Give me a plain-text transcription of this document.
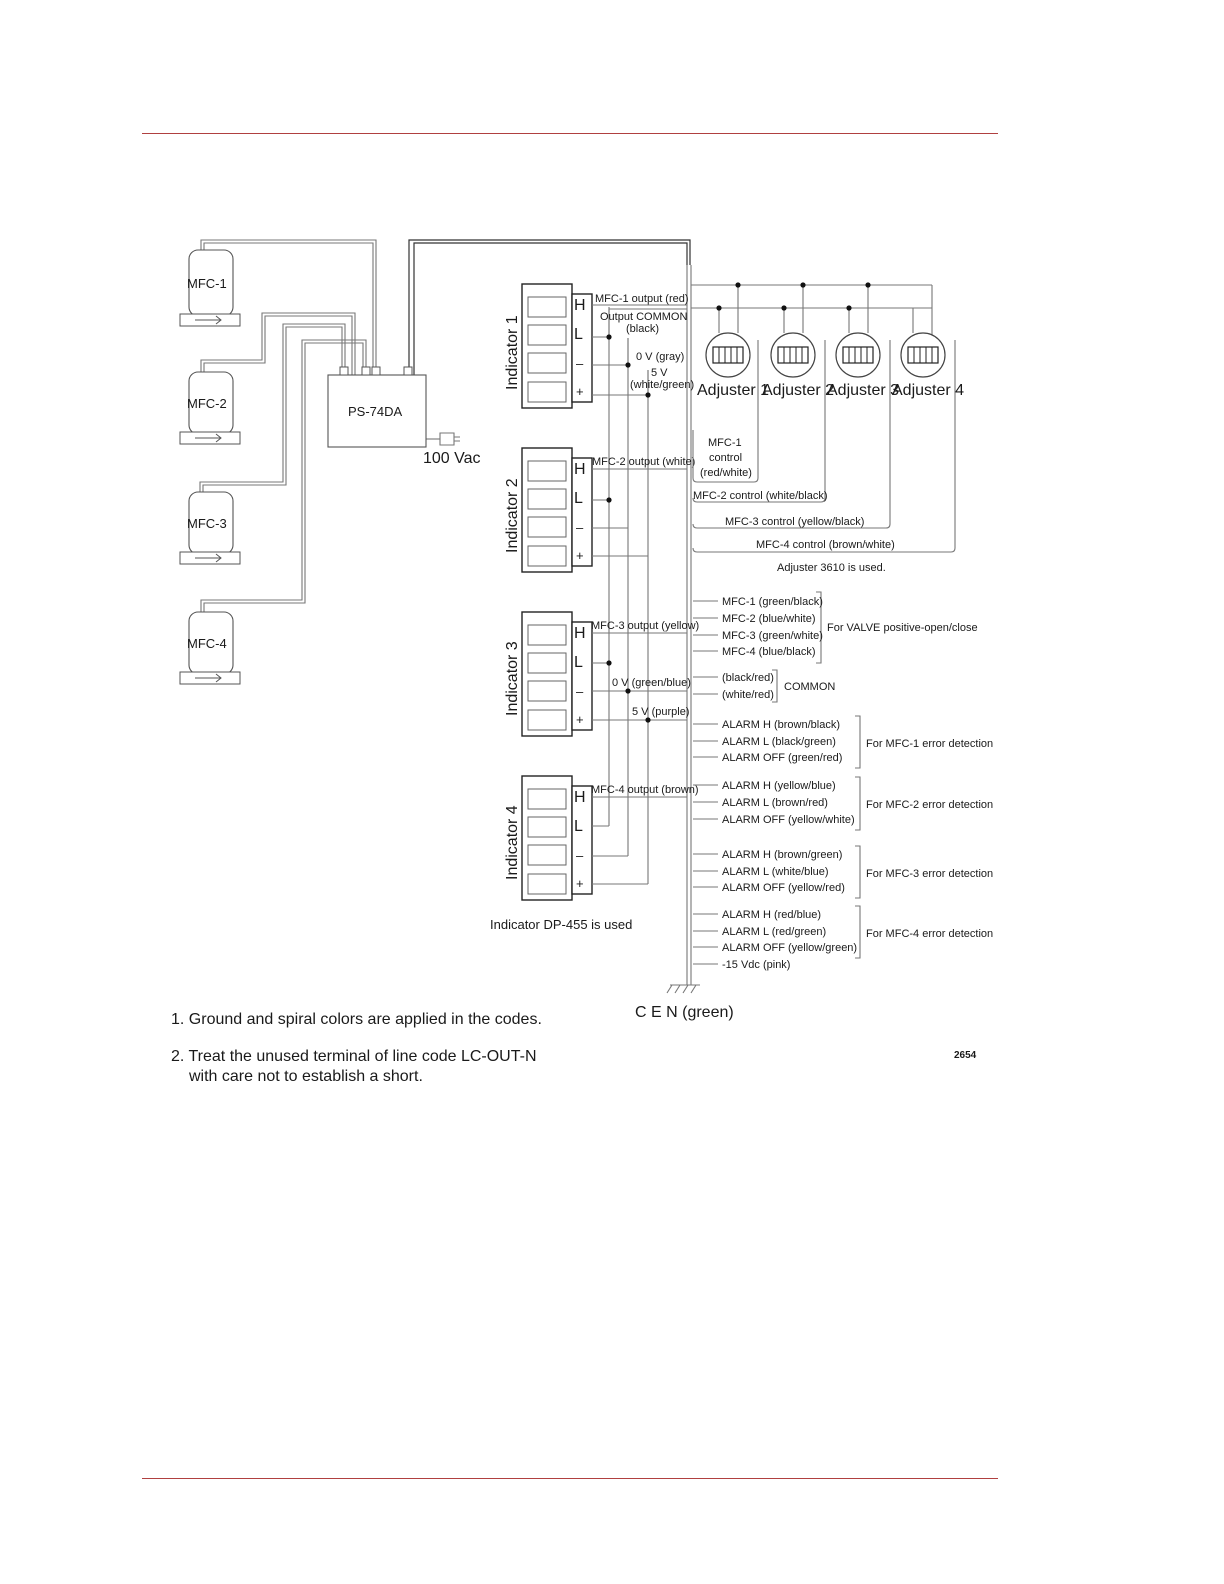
MFC-1
MFC-2
MFC-3
MFC-4
PS-74DA
100 Vac
H
L
–
+
Indicator 1
H
L
–
+
Indicator 2
H
L
–
+
Indicator 3
H
L
–
+
Indicator 4
Indicator DP-455 is used
MFC-1 output (red)
Output COMMON
(black)
0 V (gray)
5 V
(white/green)
MFC-2 output (white)
MFC-3 output (yellow)
0 V (green/blue)
5 V (purple)
MFC-4 output (brown)
Adjuster 1
Adjuster 2
Adjuster 3
Adjuster 4
MFC-1
control
(red/white)
MFC-2 control (white/black)
MFC-3 control (yellow/black)
MFC-4 control (brown/white)
Adjuster 3610 is used.
MFC-1 (green/black)
MFC-2 (blue/white)
MFC-3 (green/white)
MFC-4 (blue/black)
For VALVE positive-open/close
(black/red)
(white/red)
COMMON
ALARM H (brown/black)
ALARM L (black/green)
ALARM OFF (green/red)
For MFC-1 error detection
ALARM H (yellow/blue)
ALARM L (brown/red)
ALARM OFF (yellow/white)
For MFC-2 error detection
ALARM H (brown/green)
ALARM L (white/blue)
ALARM OFF (yellow/red)
For MFC-3 error detection
ALARM H (red/blue)
ALARM L (red/green)
ALARM OFF (yellow/green)
For MFC-4 error detection
-15 Vdc (pink)
C E N (green)
2654
1. Ground and spiral colors are applied in the codes.
2. Treat the unused terminal of line code LC-OUT-N
with care not to establish a short.
